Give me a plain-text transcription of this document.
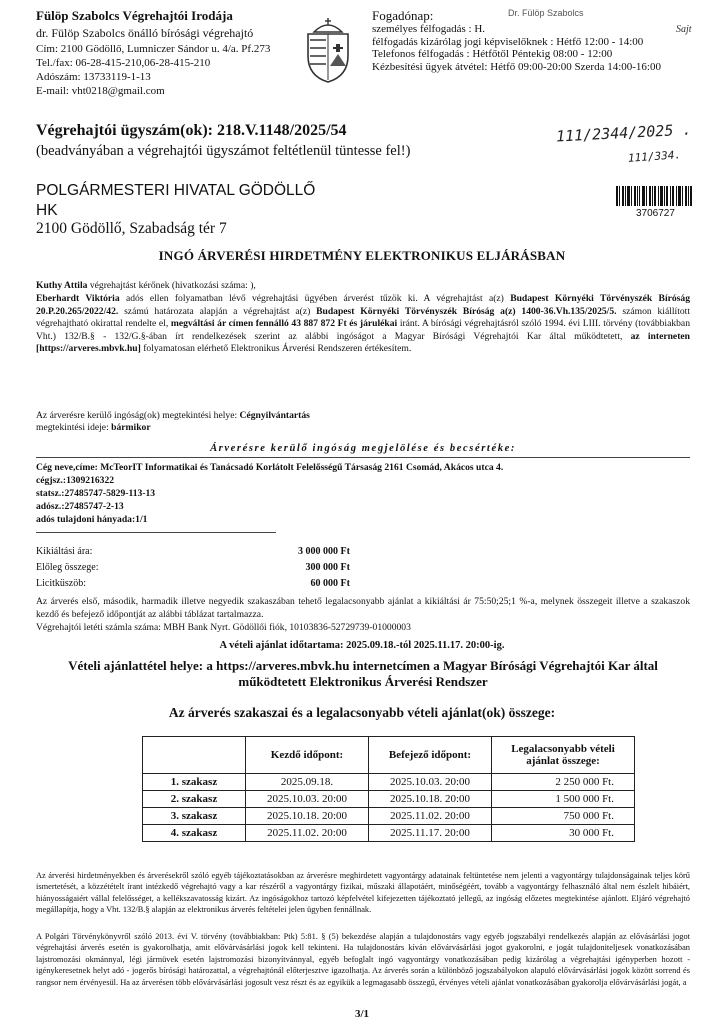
Fülöp Szabolcs Végrehajtói Irodája
dr. Fülöp Szabolcs önálló bírósági végrehajtó
Cím: 2100 Gödöllő, Lumniczer Sándor u. 4/a. Pf.273
Tel./fax: 06-28-415-210,06-28-415-210
Adószám: 13733119-1-13
E-mail: vht0218@gmail.com
Fogadónap:
személyes félfogadás : H.
félfogadás kizárólag jogi képviselőknek : Hétfő 12:00 - 14:00
Telefonos félfogadás : Hétfőtől Péntekig 08:00 - 12:00
Kézbesítési ügyek átvétel: Hétfő 09:00-20:00 Szerda 14:00-16:00
Dr. Fülöp Szabolcs
Sajt
Végrehajtói ügyszám(ok): 218.V.1148/2025/54
(beadványában a végrehajtói ügyszámot feltétlenül tüntesse fel!)
111/2344/2025 .
111/334.
POLGÁRMESTERI HIVATAL GÖDÖLLŐ
HK
2100 Gödöllő, Szabadság tér 7
3706727
INGÓ ÁRVERÉSI HIRDETMÉNY ELEKTRONIKUS ELJÁRÁSBAN
Kuthy Attila végrehajtást kérőnek (hivatkozási száma: ),
Eberhardt Viktória adós ellen folyamatban lévő végrehajtási ügyében árverést tűzök ki. A végrehajtást a(z) Budapest Környéki Törvényszék Bíróság 20.P.20.265/2022/42. számú határozata alapján a végrehajtást a(z) Budapest Környéki Törvényszék Bíróság a(z) 1400-36.Vh.135/2025/5. számon kiállított végrehajtható okirattal rendelte el, megváltási ár címen fennálló 43 887 872 Ft és járulékai iránt. A bírósági végrehajtásról szóló 1994. évi LIII. törvény (továbbiakban Vht.) 132/B.§ - 132/G.§-ában írt rendelkezések szerint az alábbi ingóságot a Magyar Bírósági Végrehajtói Kar által működtetett, az interneten [https://arveres.mbvk.hu] folyamatosan elérhető Elektronikus Árverési Rendszeren értékesítem.
Az árverésre kerülő ingóság(ok) megtekintési helye: Cégnyilvántartás
megtekintési ideje: bármikor
Árverésre kerülő ingóság megjelölése és becsértéke:
Cég neve,címe: McTeorIT Informatikai és Tanácsadó Korlátolt Felelősségű Társaság 2161 Csomád, Akácos utca 4.
cégjsz.:1309216322
statsz.:27485747-5829-113-13
adósz.:27485747-2-13
adós tulajdoni hányada:1/1
Kikiáltási ára:	3 000 000 Ft
Előleg összege:	300 000 Ft
Licitküszöb:	60 000 Ft
Az árverés első, második, harmadik illetve negyedik szakaszában tehető legalacsonyabb ajánlat a kikiáltási ár 75:50;25;1 %-a, melynek összegeit illetve a szakaszok kezdő és befejező időpontját az alábbi táblázat tartalmazza.
Végrehajtói letéti számla száma: MBH Bank Nyrt. Gödöllői fiók, 10103836-52729739-01000003
A vételi ajánlat időtartama: 2025.09.18.-tól 2025.11.17. 20:00-ig.
Vételi ajánlattétel helye: a https://arveres.mbvk.hu internetcímen a Magyar Bírósági Végrehajtói Kar által működtetett Elektronikus Árverési Rendszer
Az árverés szakaszai és a legalacsonyabb vételi ajánlat(ok) összege:
	Kezdő időpont:	Befejező időpont:	Legalacsonyabb vételi ajánlat összege:
1. szakasz	2025.09.18.	2025.10.03. 20:00	2 250 000 Ft.
2. szakasz	2025.10.03. 20:00	2025.10.18. 20:00	1 500 000 Ft.
3. szakasz	2025.10.18. 20:00	2025.11.02. 20:00	750 000 Ft.
4. szakasz	2025.11.02. 20:00	2025.11.17. 20:00	30 000 Ft.
Az árverési hirdetményekben és árverésekről szóló egyéb tájékoztatásokban az árverésre meghirdetett vagyontárgy adatainak feltüntetése nem jelenti a vagyontárgy tulajdonságainak teljes körű ismertetését, a közzétételt írant intézkedő végrehajtó vagy a kar részéről a vagyontárgy fizikai, műszaki állapotáért, minőségéért, tovább a vagyontárgy felhasználó által nem észlelt hibáiért, hiányosságaiért vállal felelősséget, a kellékszavatosság kizárt. Az ingóságokhoz tartozó képfelvétel kifejezetten tájékoztató jellegű, az ingóság előzetes megtekintése ajánlott. Eljáró végrehajtó megállapítja, hogy a Vht. 132/B.§ alapján az elektronikus árverés feltételei jelen ügyben fennállnak.
A Polgári Törvénykönyvről szóló 2013. évi V. törvény (továbbiakban: Ptk) 5:81. § (5) bekezdése alapján a tulajdonostárs vagy egyéb jogszabályi rendelkezés alapján az elővásárlási jogot végrehajtási árverés esetén is gyakorolhatja, amit elővárvásárlási jogok kell tekinteni. Ha tulajdonostárs kíván elővárvásárlási jogot gyakorolni, e jogát tulajdoniteljesek vonatkozásában lajstromozási okmánnyal, légi jármüvek esetén lajstromozási bizonyítvánnyal, egyéb befoglalt ingó vagyontárgy vonatkozásában pedig kizárólag a végrehajtási igényperben hozott - igénykeresetnek helyt adó - jogerős bírósági határozattal, a végrehajtónál előterjesztve igazolhatja. Az árverés során a különböző jogszabályokon alapuló elővárvásárlási jogok között sorrend és rangsor nem érvényesül. Ha az árverésen több elővárvásárlási jogosult vesz részt és az egyikük a legmagasabb összegű, érvényes vételi ajánlat vonatkozásában gyakorolja elővárvásárlási jogát, a
3/1
